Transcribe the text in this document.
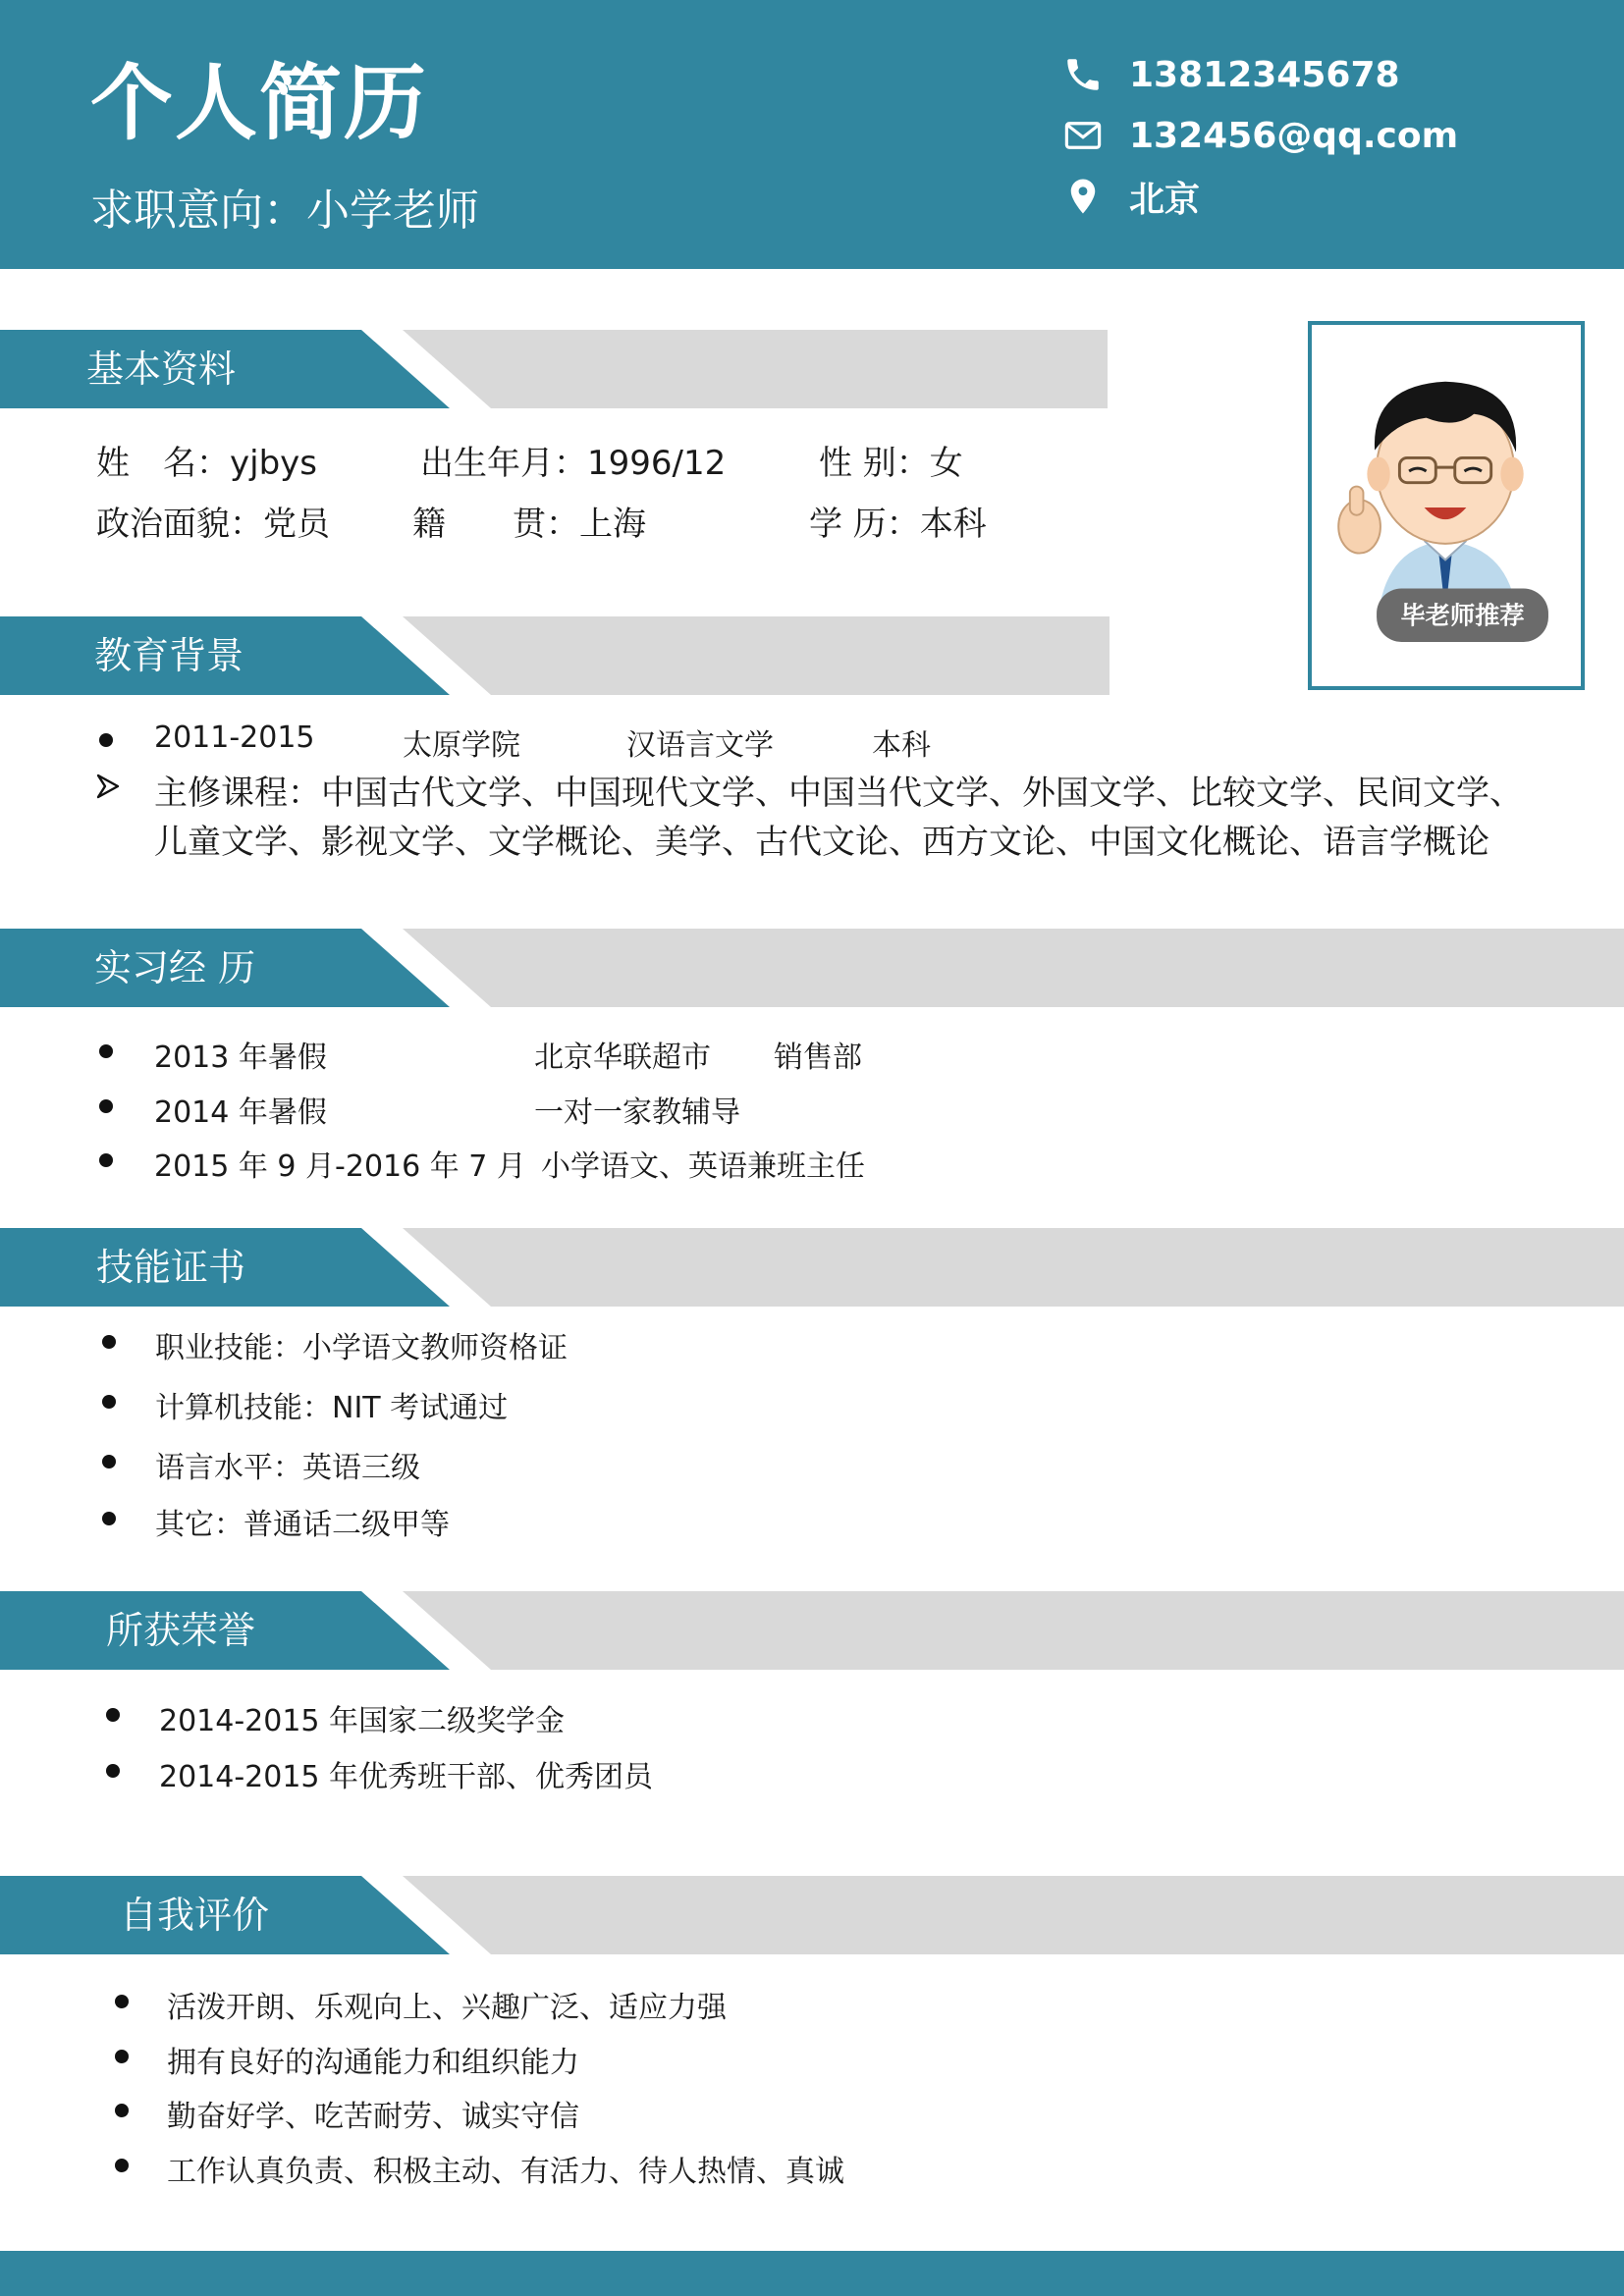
个人简历
求职意向：小学老师
13812345678
132456@qq.com
北京
毕老师推荐
基本资料
姓　名：yjbys	出生年月：1996/12	性 别：女
政治面貌：党员 籍　　贯：上海	学 历：本科
教育背景
2011-2015	太原学院	汉语言文学	本科
主修课程：中国古代文学、中国现代文学、中国当代文学、外国文学、比较文学、民间文学、
儿童文学、影视文学、文学概论、美学、古代文论、西方文论、中国文化概论、语言学概论
实习经 历
2013 年暑假	北京华联超市 销售部
2014 年暑假	一对一家教辅导
2015 年 9 月-2016 年 7 月 小学语文、英语兼班主任
技能证书
职业技能：小学语文教师资格证
计算机技能：NIT 考试通过
语言水平：英语三级
其它：普通话二级甲等
所获荣誉
2014-2015 年国家二级奖学金
2014-2015 年优秀班干部、优秀团员
自我评价
活泼开朗、乐观向上、兴趣广泛、适应力强
拥有良好的沟通能力和组织能力
勤奋好学、吃苦耐劳、诚实守信
工作认真负责、积极主动、有活力、待人热情、真诚
